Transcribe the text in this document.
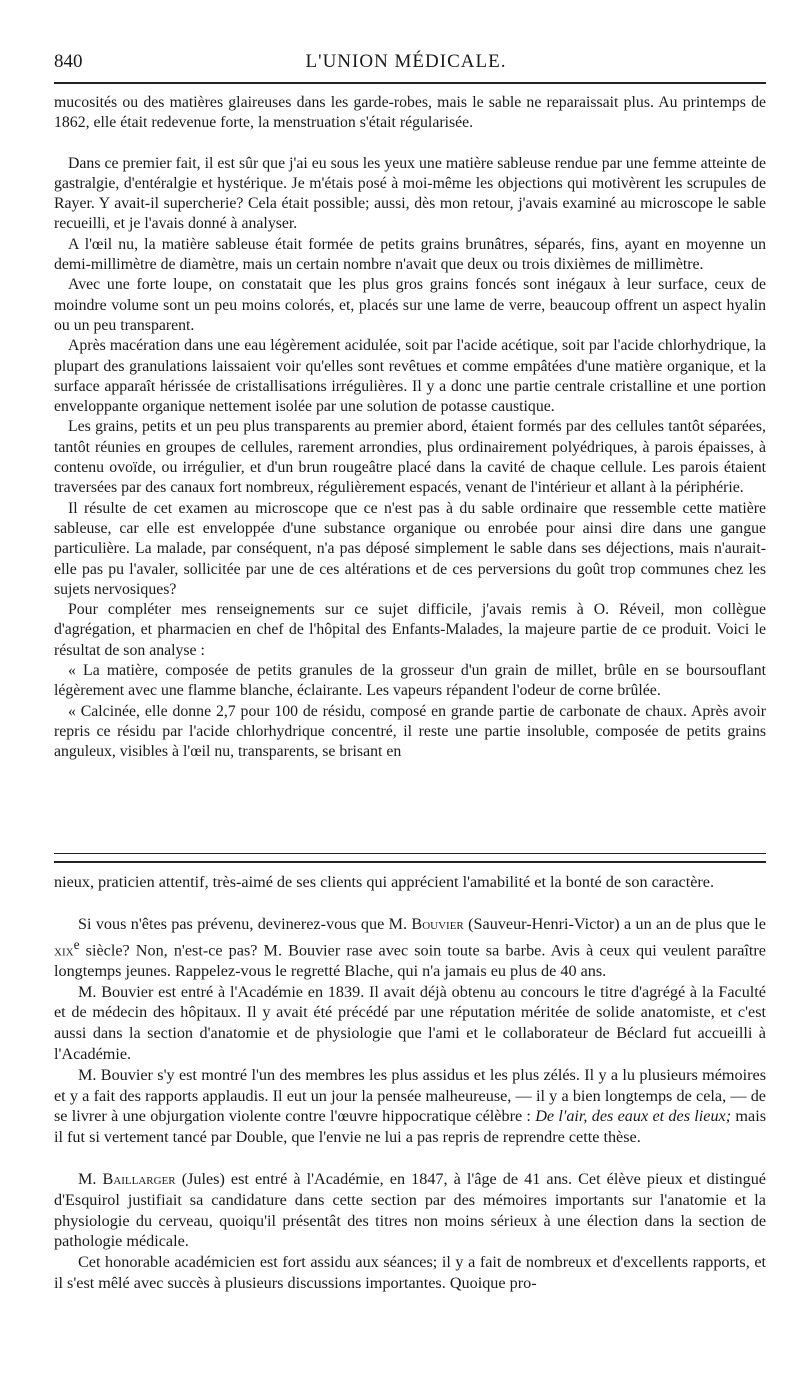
840	L'UNION MÉDICALE.

mucosités ou des matières glaireuses dans les garde-robes, mais le sable ne reparaissait plus. Au printemps de 1862, elle était redevenue forte, la menstruation s'était régularisée.

Dans ce premier fait, il est sûr que j'ai eu sous les yeux une matière sableuse rendue par une femme atteinte de gastralgie, d'entéralgie et hystérique. Je m'étais posé à moi-même les objections qui motivèrent les scrupules de Rayer. Y avait-il supercherie? Cela était possible; aussi, dès mon retour, j'avais examiné au microscope le sable recueilli, et je l'avais donné à analyser.

A l'œil nu, la matière sableuse était formée de petits grains brunâtres, séparés, fins, ayant en moyenne un demi-millimètre de diamètre, mais un certain nombre n'avait que deux ou trois dixièmes de millimètre.

Avec une forte loupe, on constatait que les plus gros grains foncés sont inégaux à leur surface, ceux de moindre volume sont un peu moins colorés, et, placés sur une lame de verre, beaucoup offrent un aspect hyalin ou un peu transparent.

Après macération dans une eau légèrement acidulée, soit par l'acide acétique, soit par l'acide chlorhydrique, la plupart des granulations laissaient voir qu'elles sont revêtues et comme empâtées d'une matière organique, et la surface apparaît hérissée de cristallisations irrégulières. Il y a donc une partie centrale cristalline et une portion enveloppante organique nettement isolée par une solution de potasse caustique.

Les grains, petits et un peu plus transparents au premier abord, étaient formés par des cellules tantôt séparées, tantôt réunies en groupes de cellules, rarement arrondies, plus ordinairement polyédriques, à parois épaisses, à contenu ovoïde, ou irrégulier, et d'un brun rougeâtre placé dans la cavité de chaque cellule. Les parois étaient traversées par des canaux fort nombreux, régulièrement espacés, venant de l'intérieur et allant à la périphérie.

Il résulte de cet examen au microscope que ce n'est pas à du sable ordinaire que ressemble cette matière sableuse, car elle est enveloppée d'une substance organique ou enrobée pour ainsi dire dans une gangue particulière. La malade, par conséquent, n'a pas déposé simplement le sable dans ses déjections, mais n'aurait-elle pas pu l'avaler, sollicitée par une de ces altérations et de ces perversions du goût trop communes chez les sujets nervosiques?

Pour compléter mes renseignements sur ce sujet difficile, j'avais remis à O. Réveil, mon collègue d'agrégation, et pharmacien en chef de l'hôpital des Enfants-Malades, la majeure partie de ce produit. Voici le résultat de son analyse :

« La matière, composée de petits granules de la grosseur d'un grain de millet, brûle en se boursouflant légèrement avec une flamme blanche, éclairante. Les vapeurs répandent l'odeur de corne brûlée.

« Calcinée, elle donne 2,7 pour 100 de résidu, composé en grande partie de carbonate de chaux. Après avoir repris ce résidu par l'acide chlorhydrique concentré, il reste une partie insoluble, composée de petits grains anguleux, visibles à l'œil nu, transparents, se brisant en

nieux, praticien attentif, très-aimé de ses clients qui apprécient l'amabilité et la bonté de son caractère.

Si vous n'êtes pas prévenu, devinerez-vous que M. Bouvier (Sauveur-Henri-Victor) a un an de plus que le xix$^e$ siècle? Non, n'est-ce pas? M. Bouvier rase avec soin toute sa barbe. Avis à ceux qui veulent paraître longtemps jeunes. Rappelez-vous le regretté Blache, qui n'a jamais eu plus de 40 ans.

M. Bouvier est entré à l'Académie en 1839. Il avait déjà obtenu au concours le titre d'agrégé à la Faculté et de médecin des hôpitaux. Il y avait été précédé par une réputation méritée de solide anatomiste, et c'est aussi dans la section d'anatomie et de physiologie que l'ami et le collaborateur de Béclard fut accueilli à l'Académie.

M. Bouvier s'y est montré l'un des membres les plus assidus et les plus zélés. Il y a lu plusieurs mémoires et y a fait des rapports applaudis. Il eut un jour la pensée malheureuse, — il y a bien longtemps de cela, — de se livrer à une objurgation violente contre l'œuvre hippocratique célèbre : De l'air, des eaux et des lieux; mais il fut si vertement tancé par Double, que l'envie ne lui a pas repris de reprendre cette thèse.

M. Baillarger (Jules) est entré à l'Académie, en 1847, à l'âge de 41 ans. Cet élève pieux et distingué d'Esquirol justifiait sa candidature dans cette section par des mémoires importants sur l'anatomie et la physiologie du cerveau, quoiqu'il présentât des titres non moins sérieux à une élection dans la section de pathologie médicale.

Cet honorable académicien est fort assidu aux séances; il y a fait de nombreux et d'excellents rapports, et il s'est mêlé avec succès à plusieurs discussions importantes. Quoique pro-
